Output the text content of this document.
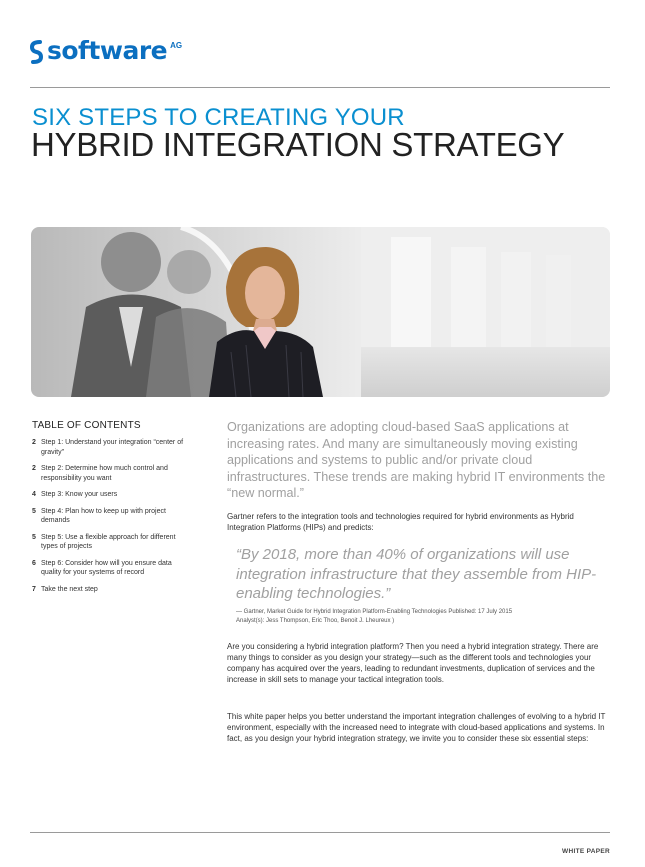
software AG
SIX STEPS TO CREATING YOUR
HYBRID INTEGRATION STRATEGY
TABLE OF CONTENTS
2 Step 1: Understand your integration “center of gravity”
2 Step 2: Determine how much control and responsibility you want
4 Step 3: Know your users
5 Step 4: Plan how to keep up with project demands
5 Step 5: Use a flexible approach for different types of projects
6 Step 6: Consider how will you ensure data quality for your systems of record
7 Take the next step

Organizations are adopting cloud-based SaaS applications at increasing rates. And many are simultaneously moving existing applications and systems to public and/or private cloud infrastructures. These trends are making hybrid IT environments the “new normal.”

Gartner refers to the integration tools and technologies required for hybrid environments as Hybrid Integration Platforms (HIPs) and predicts:

“By 2018, more than 40% of organizations will use integration infrastructure that they assemble from HIP-enabling technologies.”

— Gartner, Market Guide for Hybrid Integration Platform-Enabling Technologies Published: 17 July 2015
Analyst(s): Jess Thompson, Eric Thoo, Benoit J. Lheureux )

Are you considering a hybrid integration platform? Then you need a hybrid integration strategy. There are many things to consider as you design your strategy—such as the different tools and technologies your company has acquired over the years, leading to redundant investments, duplication of services and the increase in skill sets to manage your tactical integration tools.

This white paper helps you better understand the important integration challenges of evolving to a hybrid IT environment, especially with the increased need to integrate with cloud-based applications and systems. In fact, as you design your hybrid integration strategy, we invite you to consider these six essential steps:

WHITE PAPER
